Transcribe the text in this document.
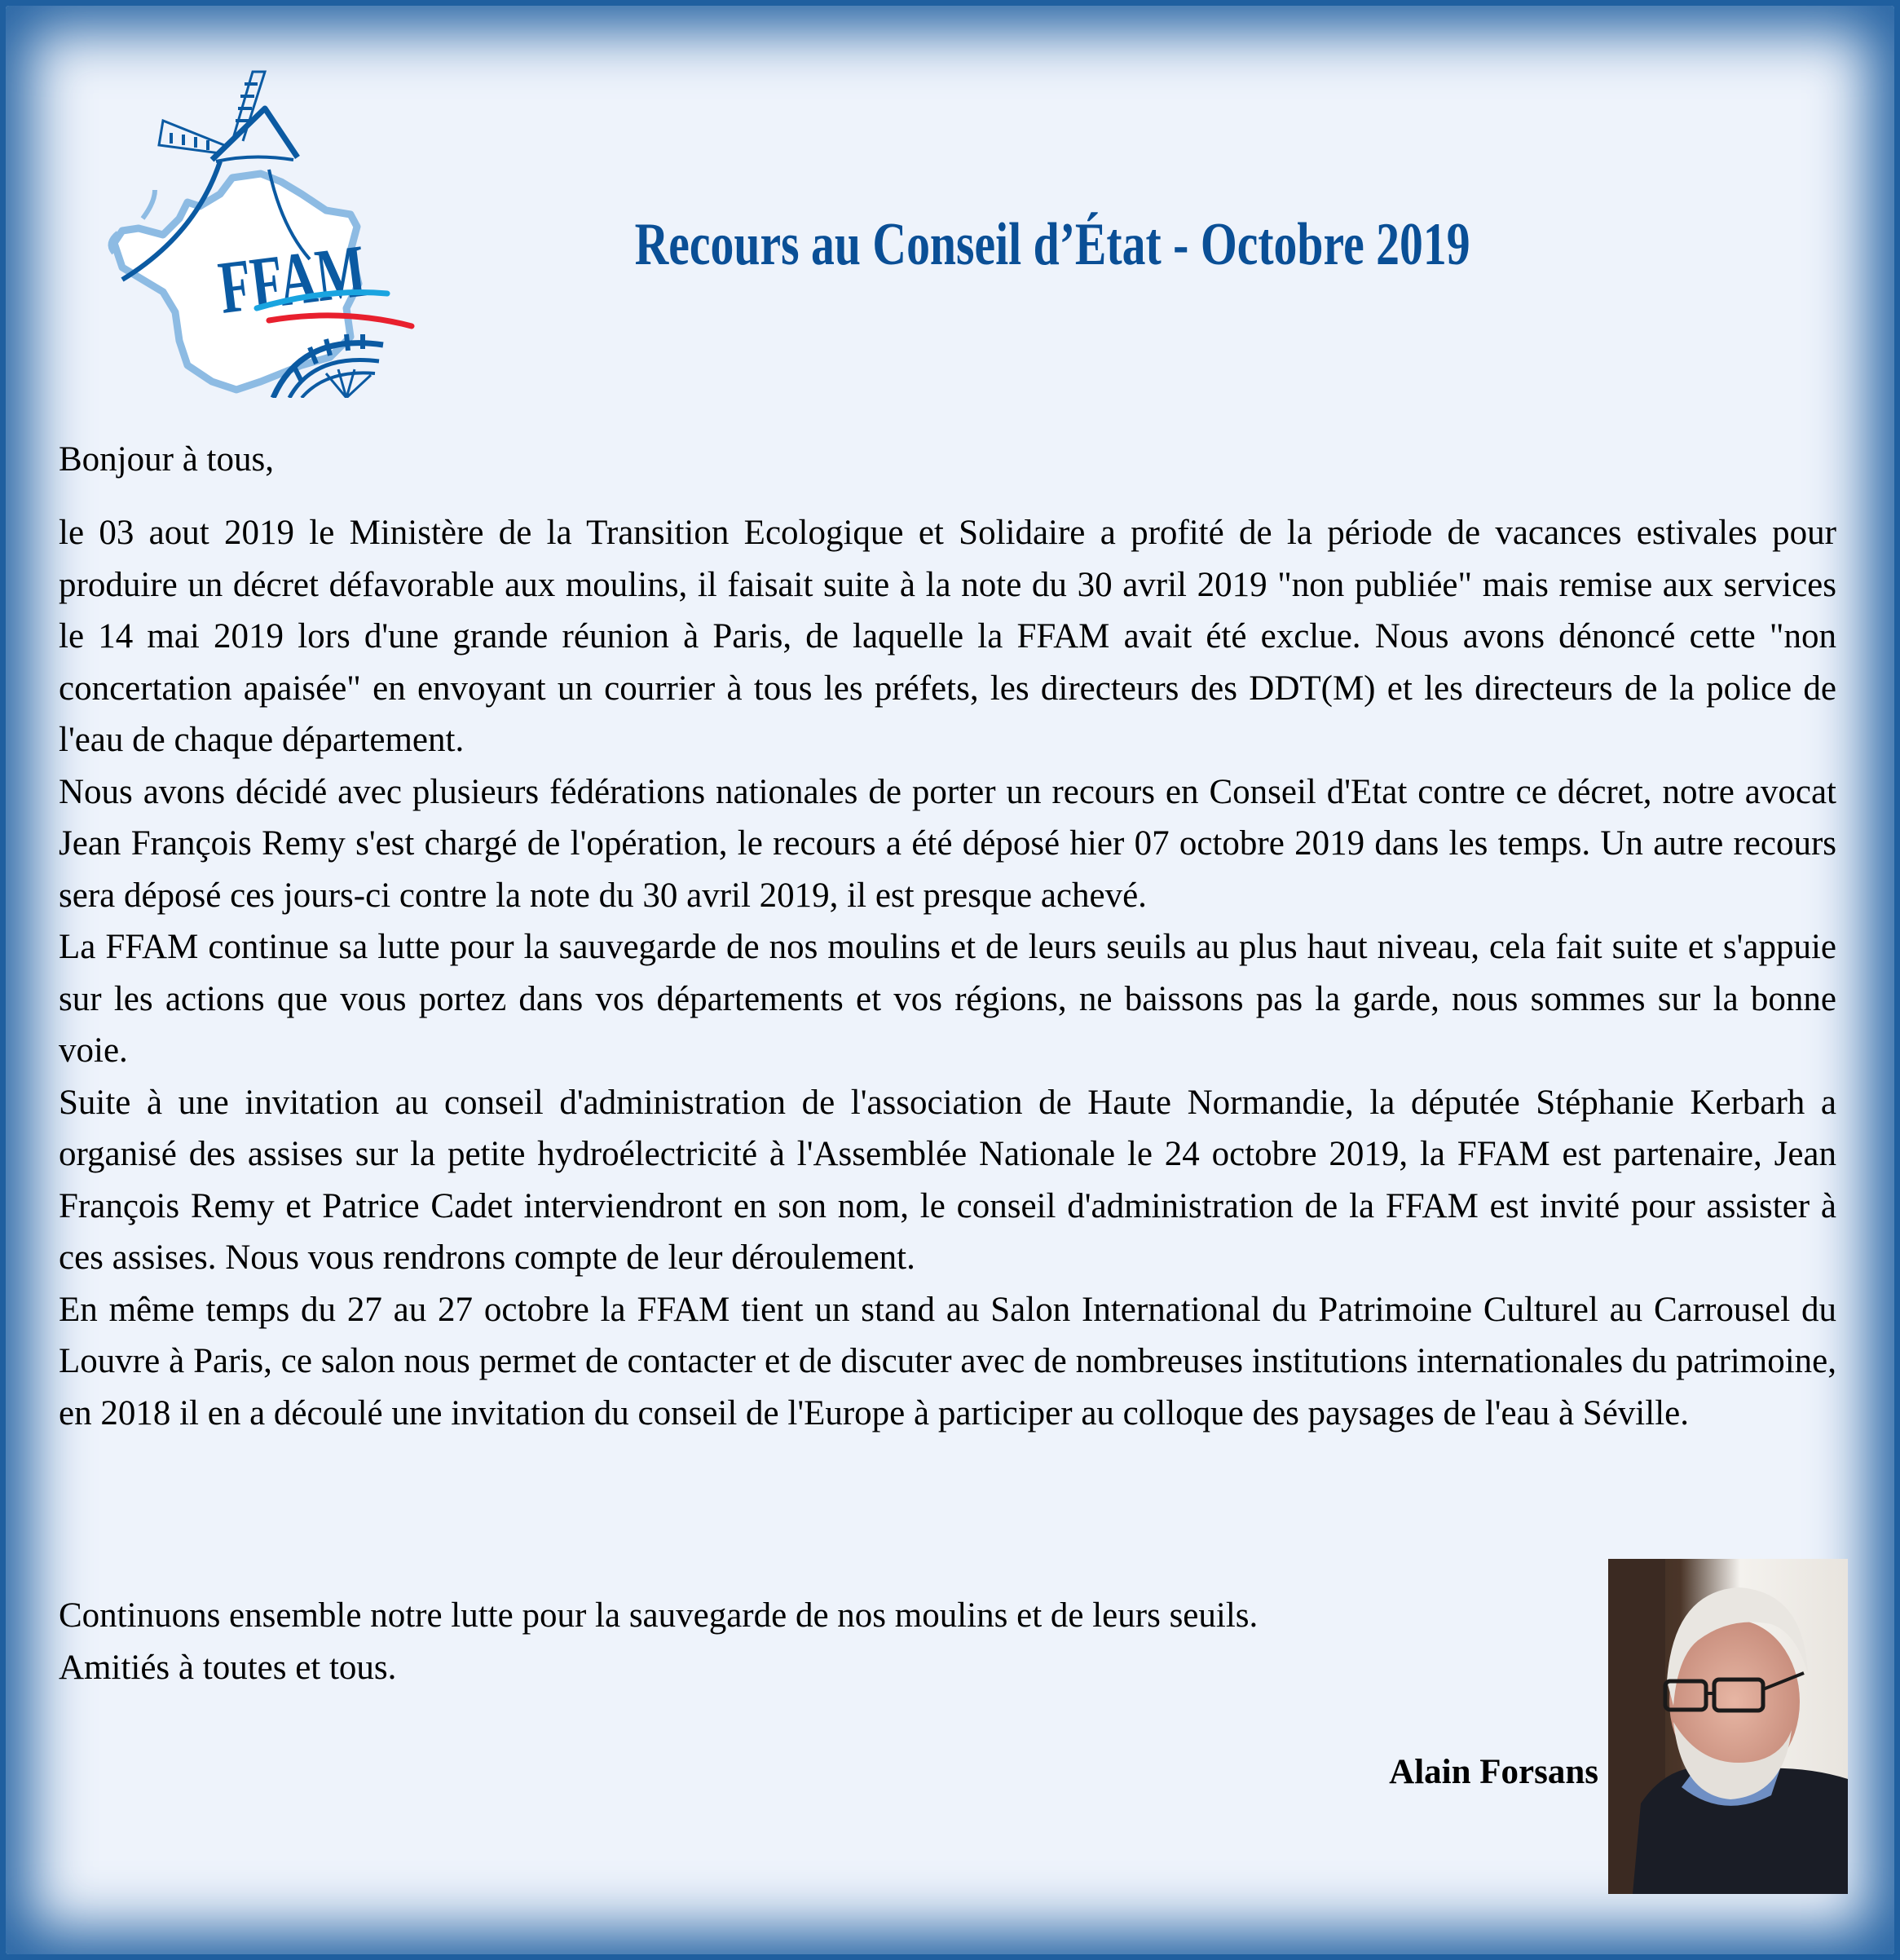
FFAM	Recours au Conseil d’État - Octobre 2019
Bonjour à tous,

le 03 aout 2019 le Ministère de la Transition Ecologique et Solidaire a profité de la période de vacances estivales pour produire un décret défavorable aux moulins, il faisait suite à la note du 30 avril 2019 "non publiée" mais remise aux services le 14 mai 2019 lors d'une grande réunion à Paris, de laquelle la FFAM avait été exclue. Nous avons dénoncé cette "non concertation apaisée" en envoyant un courrier à tous les préfets, les directeurs des DDT(M) et les directeurs de la police de l'eau de chaque département.

Nous avons décidé avec plusieurs fédérations nationales de porter un recours en Conseil d'Etat contre ce décret, notre avocat Jean François Remy s'est chargé de l'opération, le recours a été déposé hier 07 octobre 2019 dans les temps. Un autre recours sera déposé ces jours-ci contre la note du 30 avril 2019, il est presque achevé.

La FFAM continue sa lutte pour la sauvegarde de nos moulins et de leurs seuils au plus haut niveau, cela fait suite et s'appuie sur les actions que vous portez dans vos départements et vos régions, ne baissons pas la garde, nous sommes sur la bonne voie.

Suite à une invitation au conseil d'administration de l'association de Haute Normandie, la députée Stéphanie Kerbarh a organisé des assises sur la petite hydroélectricité à l'Assemblée Nationale le 24 octobre 2019, la FFAM est partenaire, Jean François Remy et Patrice Cadet interviendront en son nom, le conseil d'administration de la FFAM est invité pour assister à ces assises. Nous vous rendrons compte de leur déroulement.

En même temps du 27 au 27 octobre la FFAM tient un stand au Salon International du Patrimoine Culturel au Carrousel du Louvre à Paris, ce salon nous permet de contacter et de discuter avec de nombreuses institutions internationales du patrimoine, en 2018 il en a découlé une invitation du conseil de l'Europe à participer au colloque des paysages de l'eau à Séville.

Continuons ensemble notre lutte pour la sauvegarde de nos moulins et de leurs seuils.

Amitiés à toutes et tous.

Alain Forsans
